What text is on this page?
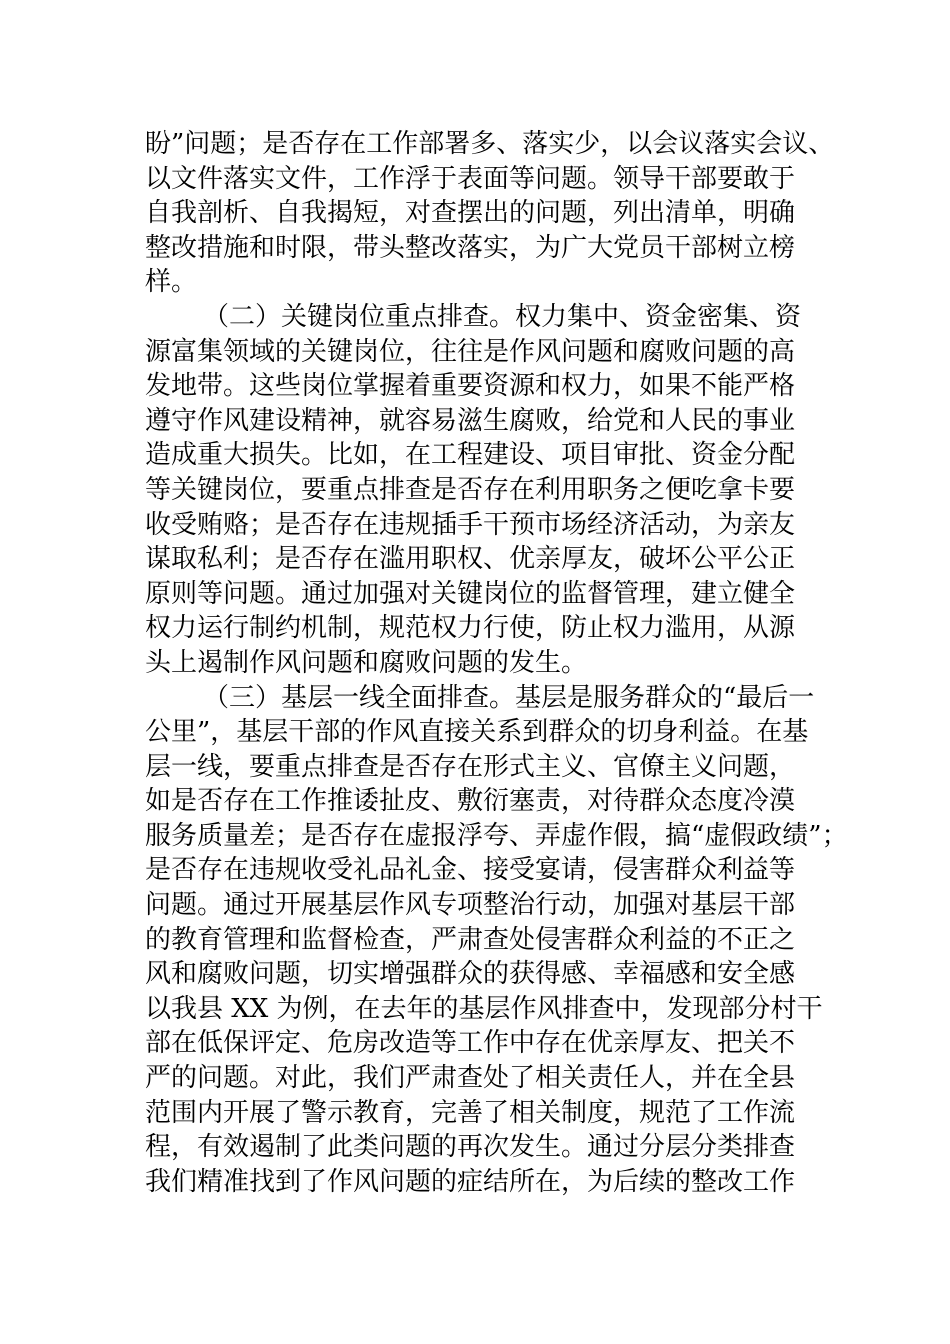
盼”问题；是否存在工作部署多、落实少，以会议落实会议、
以文件落实文件，工作浮于表面等问题。领导干部要敢于
自我剖析、自我揭短，对查摆出的问题，列出清单，明确
整改措施和时限，带头整改落实，为广大党员干部树立榜
样。
（二）关键岗位重点排查。权力集中、资金密集、资
源富集领域的关键岗位，往往是作风问题和腐败问题的高
发地带。这些岗位掌握着重要资源和权力，如果不能严格
遵守作风建设精神，就容易滋生腐败，给党和人民的事业
造成重大损失。比如，在工程建设、项目审批、资金分配
等关键岗位，要重点排查是否存在利用职务之便吃拿卡要
收受贿赂；是否存在违规插手干预市场经济活动，为亲友
谋取私利；是否存在滥用职权、优亲厚友，破坏公平公正
原则等问题。通过加强对关键岗位的监督管理，建立健全
权力运行制约机制，规范权力行使，防止权力滥用，从源
头上遏制作风问题和腐败问题的发生。
（三）基层一线全面排查。基层是服务群众的“最后一
公里”，基层干部的作风直接关系到群众的切身利益。在基
层一线，要重点排查是否存在形式主义、官僚主义问题，
如是否存在工作推诿扯皮、敷衍塞责，对待群众态度冷漠
服务质量差；是否存在虚报浮夸、弄虚作假，搞“虚假政绩”；
是否存在违规收受礼品礼金、接受宴请，侵害群众利益等
问题。通过开展基层作风专项整治行动，加强对基层干部
的教育管理和监督检查，严肃查处侵害群众利益的不正之
风和腐败问题，切实增强群众的获得感、幸福感和安全感
以我县 XX 为例，在去年的基层作风排查中，发现部分村干
部在低保评定、危房改造等工作中存在优亲厚友、把关不
严的问题。对此，我们严肃查处了相关责任人，并在全县
范围内开展了警示教育，完善了相关制度，规范了工作流
程，有效遏制了此类问题的再次发生。通过分层分类排查
我们精准找到了作风问题的症结所在，为后续的整改工作
